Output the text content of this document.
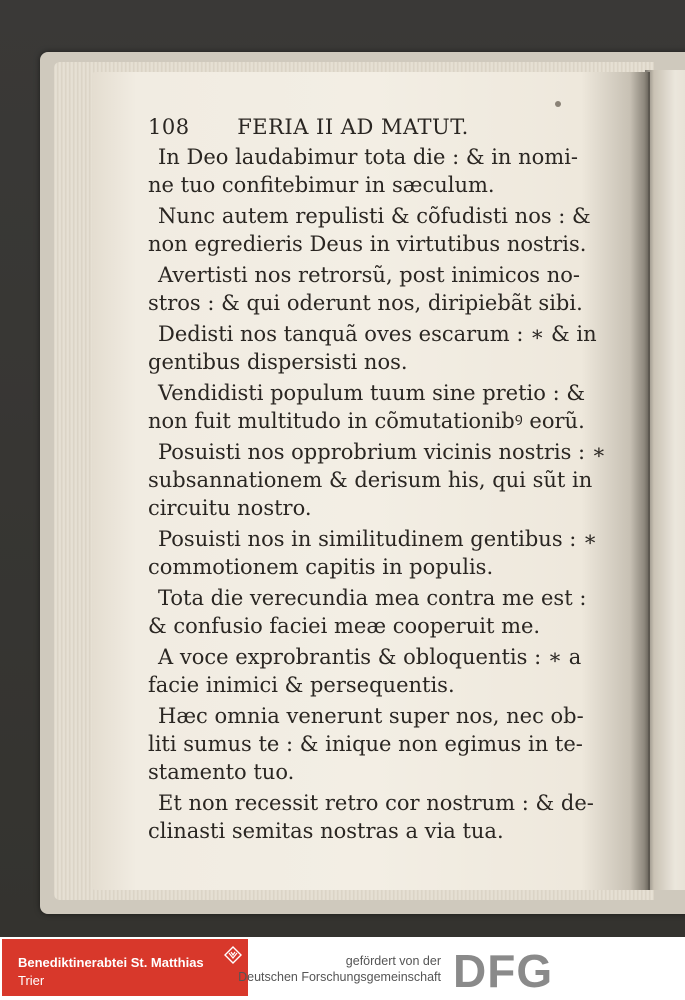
108 FERIA II AD MATUT.
In Deo laudabimur tota die : & in nomi-
ne tuo confitebimur in sæculum.
Nunc autem repulisti & cõfudisti nos : &
non egredieris Deus in virtutibus nostris.
Avertisti nos retrorsũ, post inimicos no-
stros : & qui oderunt nos, diripiebãt sibi.
Dedisti nos tanquã oves escarum : ∗ & in
gentibus dispersisti nos.
Vendidisti populum tuum sine pretio : &
non fuit multitudo in cõmutationibꝰ eorũ.
Posuisti nos opprobrium vicinis nostris : ∗
subsannationem & derisum his, qui sũt in
circuitu nostro.
Posuisti nos in similitudinem gentibus : ∗
commotionem capitis in populis.
Tota die verecundia mea contra me est :
& confusio faciei meæ cooperuit me.
A voce exprobrantis & obloquentis : ∗ a
facie inimici & persequentis.
Hæc omnia venerunt super nos, nec ob-
liti sumus te : & inique non egimus in te-
stamento tuo.
Et non recessit retro cor nostrum : & de-
clinasti semitas nostras a via tua.
Benediktinerabtei St. Matthias
Trier
gefördert von der
Deutschen Forschungsgemeinschaft DFG
